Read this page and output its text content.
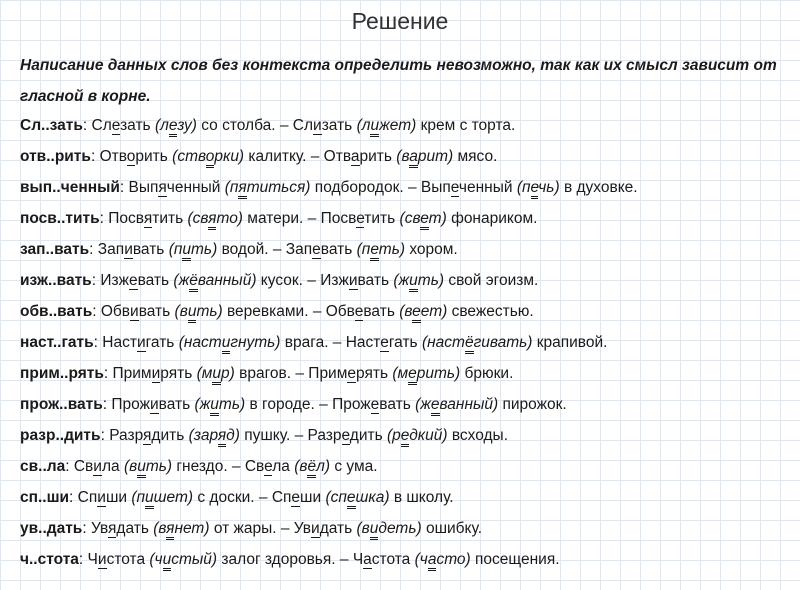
Решение
Написание данных слов без контекста определить невозможно, так как их смысл зависит от гласной в корне.
Сл..зать: Слезать (лезу) со столба. – Слизать (лижет) крем с торта.
отв..рить: Отворить (створки) калитку. – Отварить (варит) мясо.
вып..ченный: Выпяченный (пятиться) подбородок. – Выпеченный (печь) в духовке.
посв..тить: Посвятить (свято) матери. – Посветить (свет) фонариком.
зап..вать: Запивать (пить) водой. – Запевать (петь) хором.
изж..вать: Изжевать (жёванный) кусок. – Изживать (жить) свой эгоизм.
обв..вать: Обвивать (вить) веревками. – Обвевать (веет) свежестью.
наст..гать: Настигать (настигнуть) врага. – Настегать (настёгивать) крапивой.
прим..рять: Примирять (мир) врагов. – Примерять (мерить) брюки.
прож..вать: Проживать (жить) в городе. – Прожевать (жеванный) пирожок.
разр..дить: Разрядить (заряд) пушку. – Разредить (редкий) всходы.
св..ла: Свила (вить) гнездо. – Свела (вёл) с ума.
сп..ши: Спиши (пишет) с доски. – Спеши (спешка) в школу.
ув..дать: Увядать (вянет) от жары. – Увидать (видеть) ошибку.
ч..стота: Чистота (чистый) залог здоровья. – Частота (часто) посещения.
